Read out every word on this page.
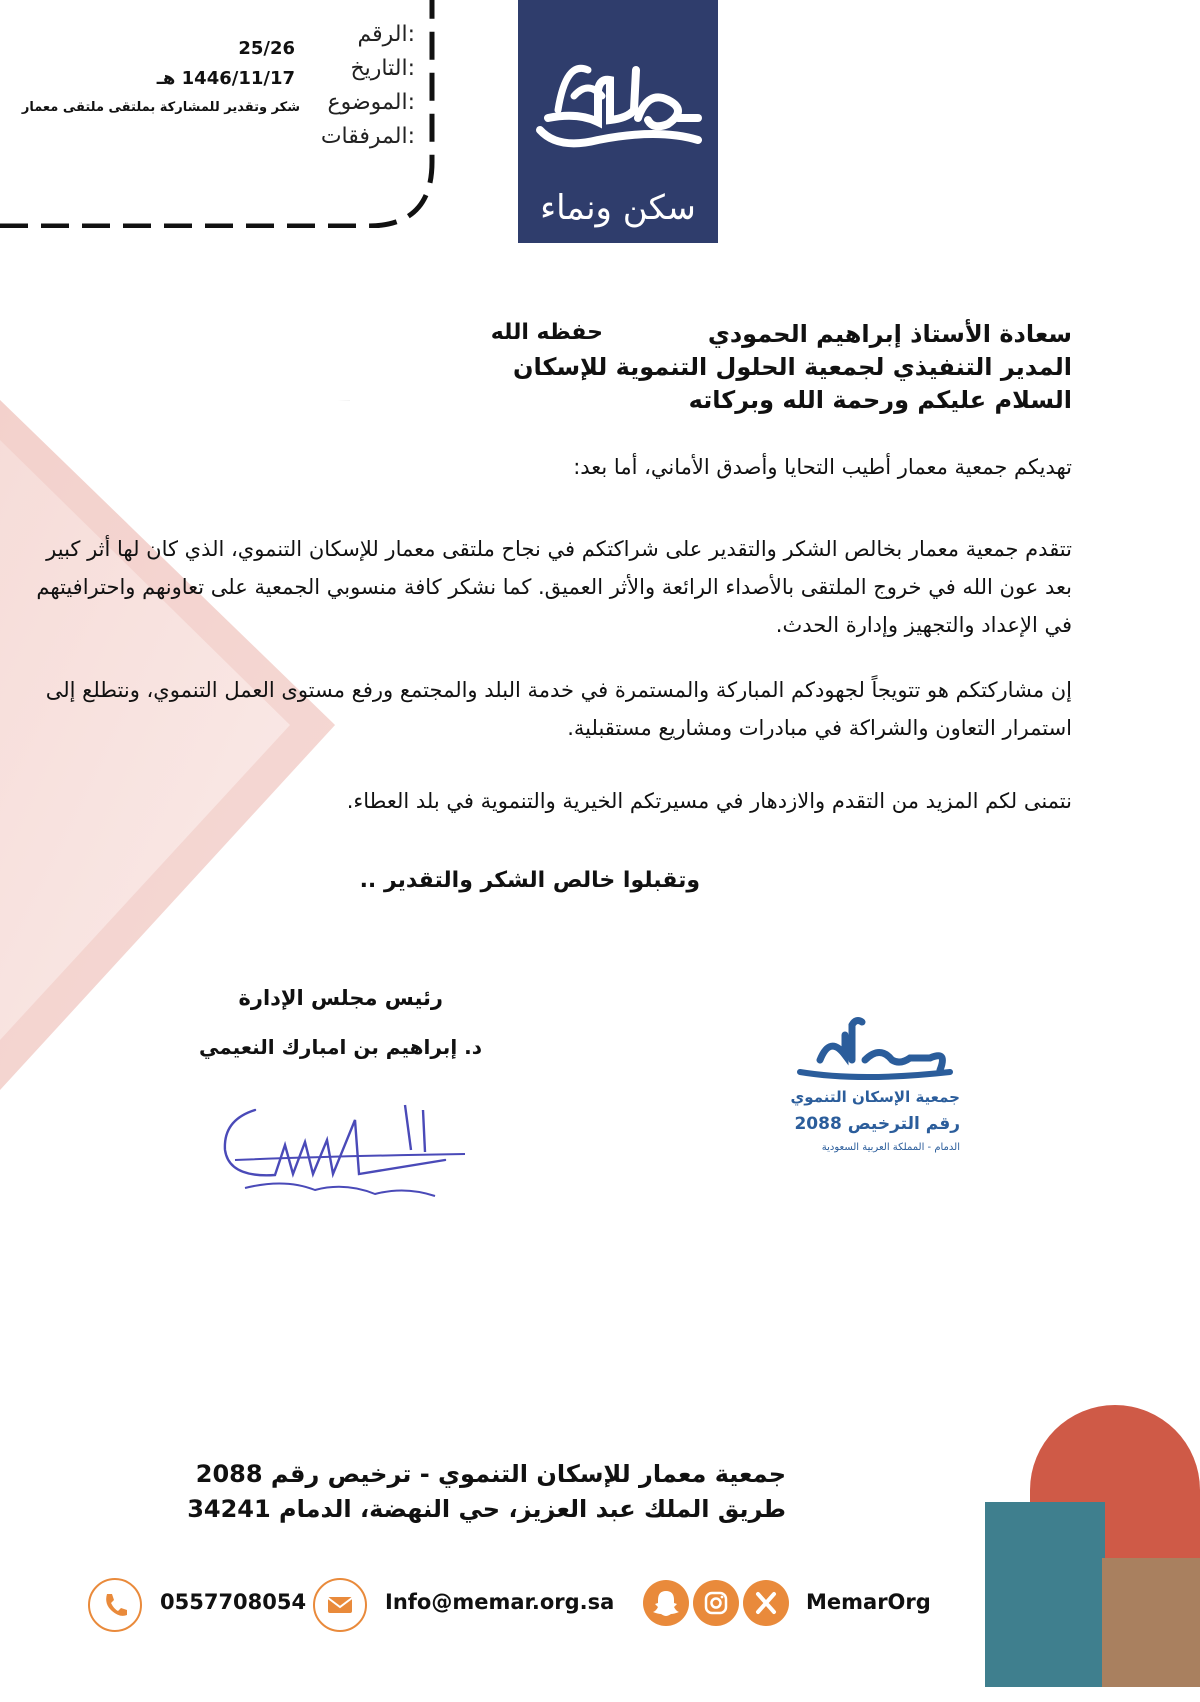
الرقم:
التاريخ:
الموضوع:
المرفقات:
25/26
1446/11/17 هـ
شكر وتقدير للمشاركة بملتقى ملتقى معمار
سكن ونماء
سعادة الأستاذ إبراهيم الحمودي
حفظه الله
المدير التنفيذي لجمعية الحلول التنموية للإسكان
السلام عليكم ورحمة الله وبركاته
تهديكم جمعية معمار أطيب التحايا وأصدق الأماني، أما بعد:
تتقدم جمعية معمار بخالص الشكر والتقدير على شراكتكم في نجاح ملتقى معمار للإسكان التنموي، الذي كان لها أثر كبير بعد عون الله في خروج الملتقى بالأصداء الرائعة والأثر العميق. كما نشكر كافة منسوبي الجمعية على تعاونهم واحترافيتهم في الإعداد والتجهيز وإدارة الحدث.
إن مشاركتكم هو تتويجاً لجهودكم المباركة والمستمرة في خدمة البلد والمجتمع ورفع مستوى العمل التنموي، ونتطلع إلى استمرار التعاون والشراكة في مبادرات ومشاريع مستقبلية.
نتمنى لكم المزيد من التقدم والازدهار في مسيرتكم الخيرية والتنموية في بلد العطاء.
وتقبلوا خالص الشكر والتقدير ..
رئيس مجلس الإدارة
د. إبراهيم بن امبارك النعيمي
جمعية الإسكان التنموي
رقم الترخيص 2088
الدمام - المملكة العربية السعودية
جمعية معمار للإسكان التنموي - ترخيص رقم 2088
طريق الملك عبد العزيز، حي النهضة، الدمام 34241
0557708054	Info@memar.org.sa	MemarOrg
